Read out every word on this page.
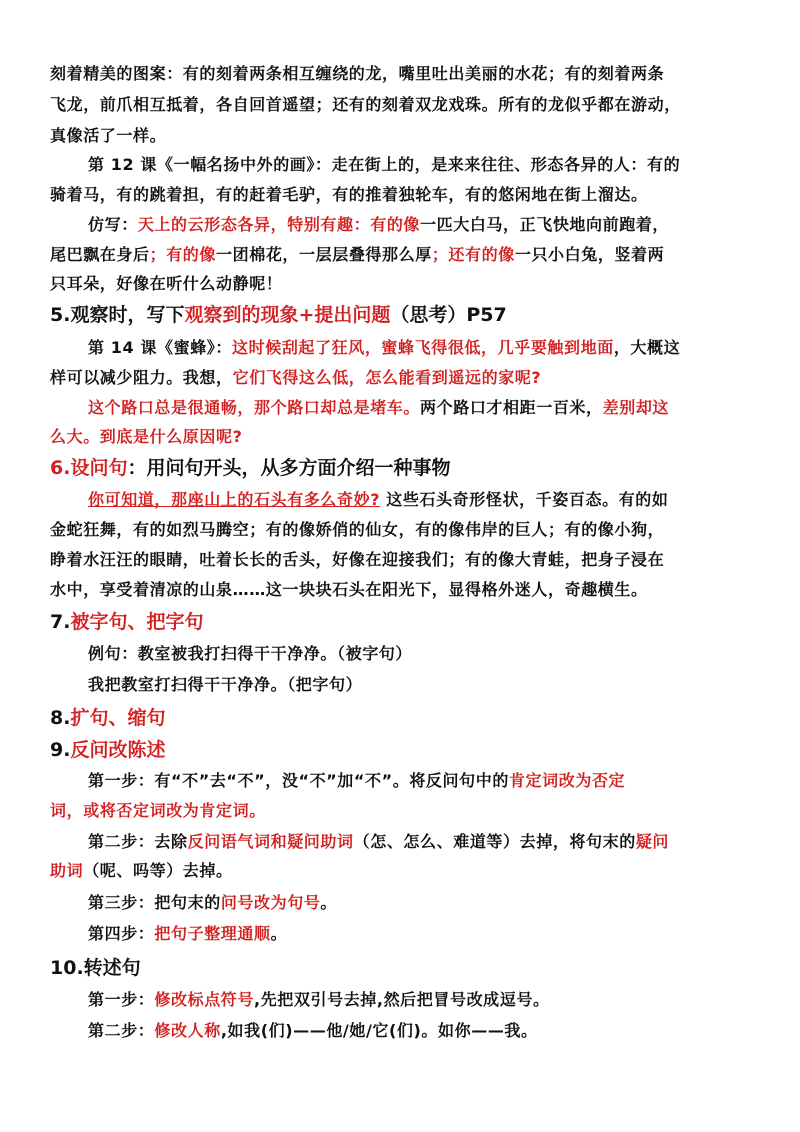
刻着精美的图案：有的刻着两条相互缠绕的龙，嘴里吐出美丽的水花；有的刻着两条
飞龙，前爪相互抵着，各自回首遥望；还有的刻着双龙戏珠。所有的龙似乎都在游动，
真像活了一样。
第 12 课《一幅名扬中外的画》：走在街上的，是来来往往、形态各异的人：有的
骑着马，有的跳着担，有的赶着毛驴，有的推着独轮车，有的悠闲地在街上溜达。
仿写：天上的云形态各异，特别有趣：有的像一匹大白马，正飞快地向前跑着，
尾巴飘在身后；有的像一团棉花，一层层叠得那么厚；还有的像一只小白兔，竖着两
只耳朵，好像在听什么动静呢！
5.观察时，写下观察到的现象+提出问题（思考）P57
第 14 课《蜜蜂》：这时候刮起了狂风，蜜蜂飞得很低，几乎要触到地面，大概这
样可以减少阻力。我想，它们飞得这么低，怎么能看到遥远的家呢?
这个路口总是很通畅，那个路口却总是堵车。两个路口才相距一百米，差别却这
么大。到底是什么原因呢?
6.设问句：用问句开头，从多方面介绍一种事物
你可知道，那座山上的石头有多么奇妙? 这些石头奇形怪状，千姿百态。有的如
金蛇狂舞，有的如烈马腾空；有的像娇俏的仙女，有的像伟岸的巨人；有的像小狗，
睁着水汪汪的眼睛，吐着长长的舌头，好像在迎接我们；有的像大青蛙，把身子浸在
水中，享受着清凉的山泉……这一块块石头在阳光下，显得格外迷人，奇趣横生。
7.被字句、把字句
例句：教室被我打扫得干干净净。（被字句）
我把教室打扫得干干净净。（把字句）
8.扩句、缩句
9.反问改陈述
第一步：有“不”去“不”，没“不”加“不”。将反问句中的肯定词改为否定
词，或将否定词改为肯定词。
第二步：去除反问语气词和疑问助词（怎、怎么、难道等）去掉，将句末的疑问
助词（呢、吗等）去掉。
第三步：把句末的问号改为句号。
第四步：把句子整理通顺。
10.转述句
第一步：修改标点符号,先把双引号去掉,然后把冒号改成逗号。
第二步：修改人称,如我(们)——他/她/它(们)。如你——我。
